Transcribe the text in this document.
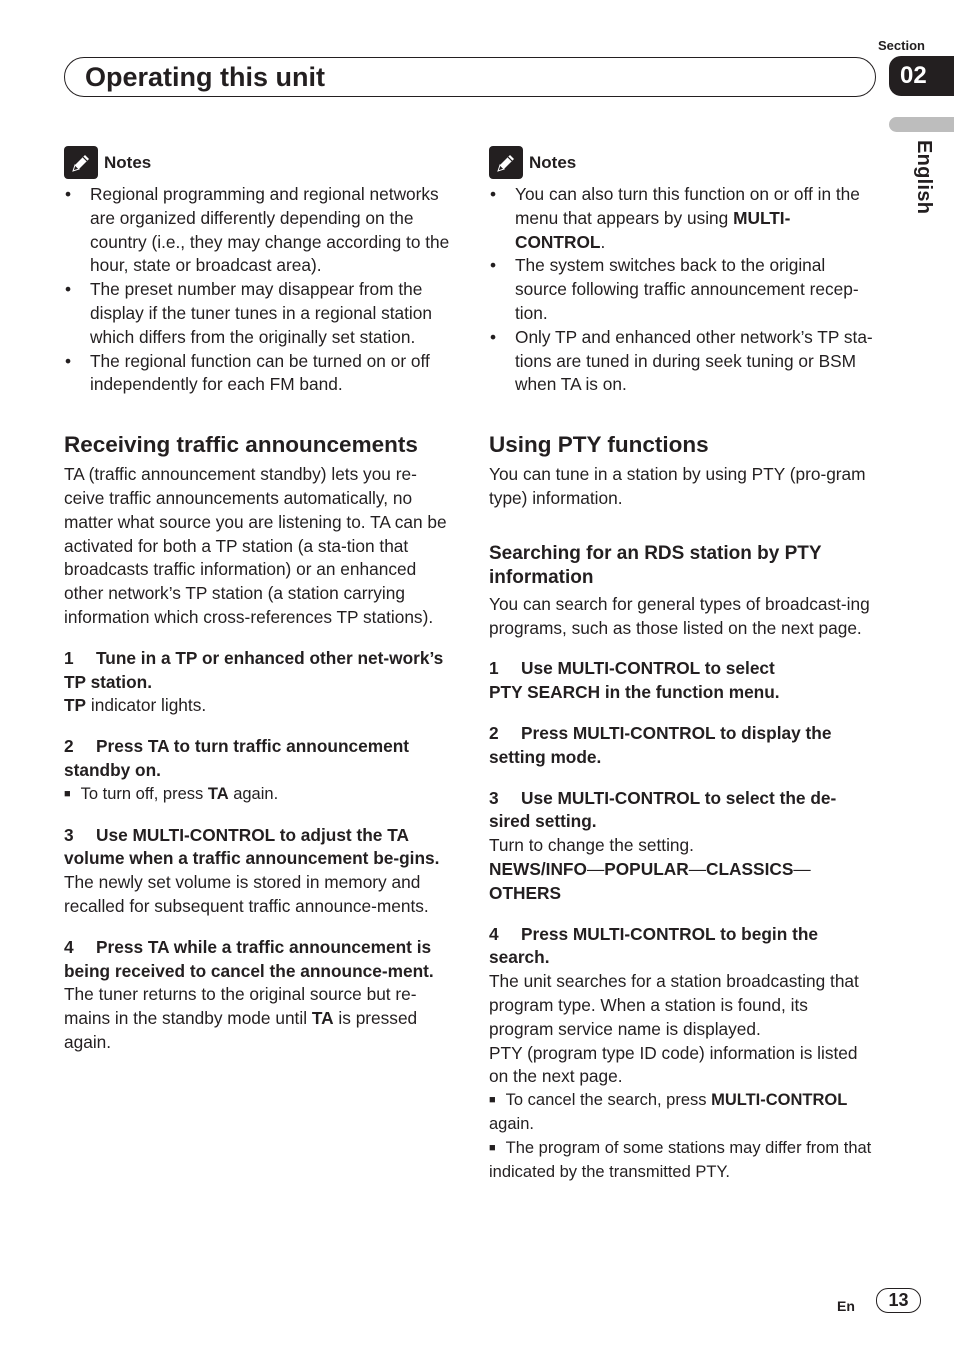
Section
02
Operating this unit
English
Notes
• Regional programming and regional networks are organized differently depending on the country (i.e., they may change according to the hour, state or broadcast area).
• The preset number may disappear from the display if the tuner tunes in a regional station which differs from the originally set station.
• The regional function can be turned on or off independently for each FM band.
Receiving traffic announcements

TA (traffic announcement standby) lets you re-ceive traffic announcements automatically, no matter what source you are listening to. TA can be activated for both a TP station (a sta-tion that broadcasts traffic information) or an enhanced other network’s TP station (a station carrying information which cross-references TP stations).

1 Tune in a TP or enhanced other net-work’s TP station.

TP indicator lights.

2 Press TA to turn traffic announcement standby on.

■ To turn off, press TA again.

3 Use MULTI-CONTROL to adjust the TA volume when a traffic announcement be-gins.

The newly set volume is stored in memory and recalled for subsequent traffic announce-ments.

4 Press TA while a traffic announcement is being received to cancel the announce-ment.

The tuner returns to the original source but re-mains in the standby mode until TA is pressed again.

Notes
• You can also turn this function on or off in the menu that appears by using MULTI-CONTROL.
• The system switches back to the original source following traffic announcement recep-tion.
• Only TP and enhanced other network’s TP sta-tions are tuned in during seek tuning or BSM when TA is on.
Using PTY functions

You can tune in a station by using PTY (pro-gram type) information.

Searching for an RDS station by PTY information

You can search for general types of broadcast-ing programs, such as those listed on the next page.

1 Use MULTI-CONTROL to select
PTY SEARCH in the function menu.
2 Press MULTI-CONTROL to display the setting mode.
3 Use MULTI-CONTROL to select the de-sired setting.

Turn to change the setting.

NEWS/INFO—POPULAR—CLASSICS—
OTHERS

4 Press MULTI-CONTROL to begin the search.

The unit searches for a station broadcasting that program type. When a station is found, its program service name is displayed.

PTY (program type ID code) information is listed on the next page.

■ To cancel the search, press MULTI-CONTROL again.

■ The program of some stations may differ from that indicated by the transmitted PTY.

En	13
